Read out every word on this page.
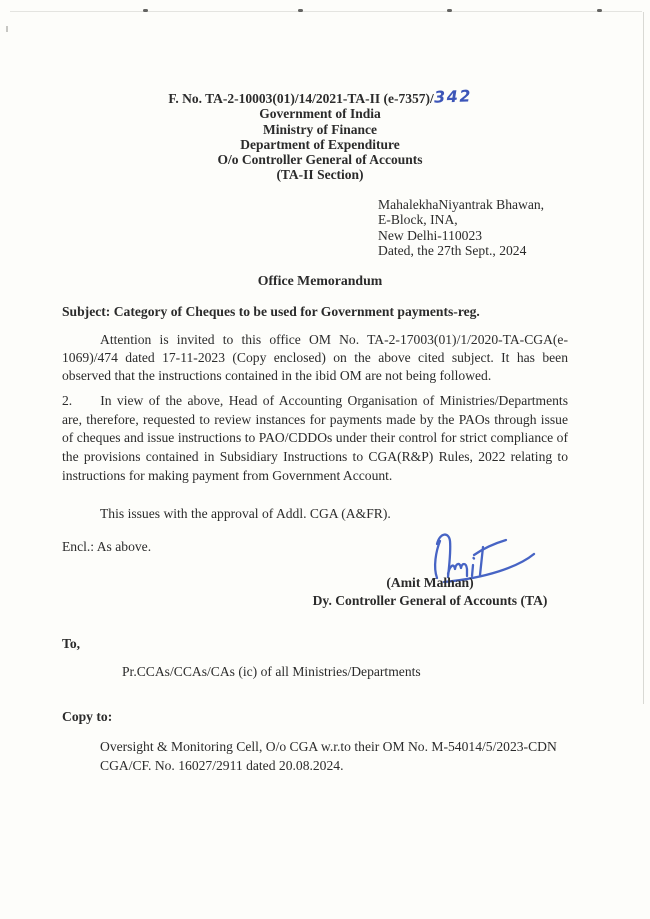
F. No. TA-2-10003(01)/14/2021-TA-II (e-7357)/342
Government of India
Ministry of Finance
Department of Expenditure
O/o Controller General of Accounts
(TA-II Section)
MahalekhaNiyantrak Bhawan,
E-Block, INA,
New Delhi-110023
Dated, the 27th Sept., 2024
Office Memorandum
Subject: Category of Cheques to be used for Government payments-reg.
Attention is invited to this office OM No. TA-2-17003(01)/1/2020-TA-CGA(e-1069)/474 dated 17-11-2023 (Copy enclosed) on the above cited subject. It has been observed that the instructions contained in the ibid OM are not being followed.
2. In view of the above, Head of Accounting Organisation of Ministries/Departments are, therefore, requested to review instances for payments made by the PAOs through issue of cheques and issue instructions to PAO/CDDOs under their control for strict compliance of the provisions contained in Subsidiary Instructions to CGA(R&P) Rules, 2022 relating to instructions for making payment from Government Account.
This issues with the approval of Addl. CGA (A&FR).
Encl.: As above.
(Amit Malhan)
Dy. Controller General of Accounts (TA)
To,
Pr.CCAs/CCAs/CAs (ic) of all Ministries/Departments
Copy to:
Oversight & Monitoring Cell, O/o CGA w.r.to their OM No. M-54014/5/2023-CDN
CGA/CF. No. 16027/2911 dated 20.08.2024.
